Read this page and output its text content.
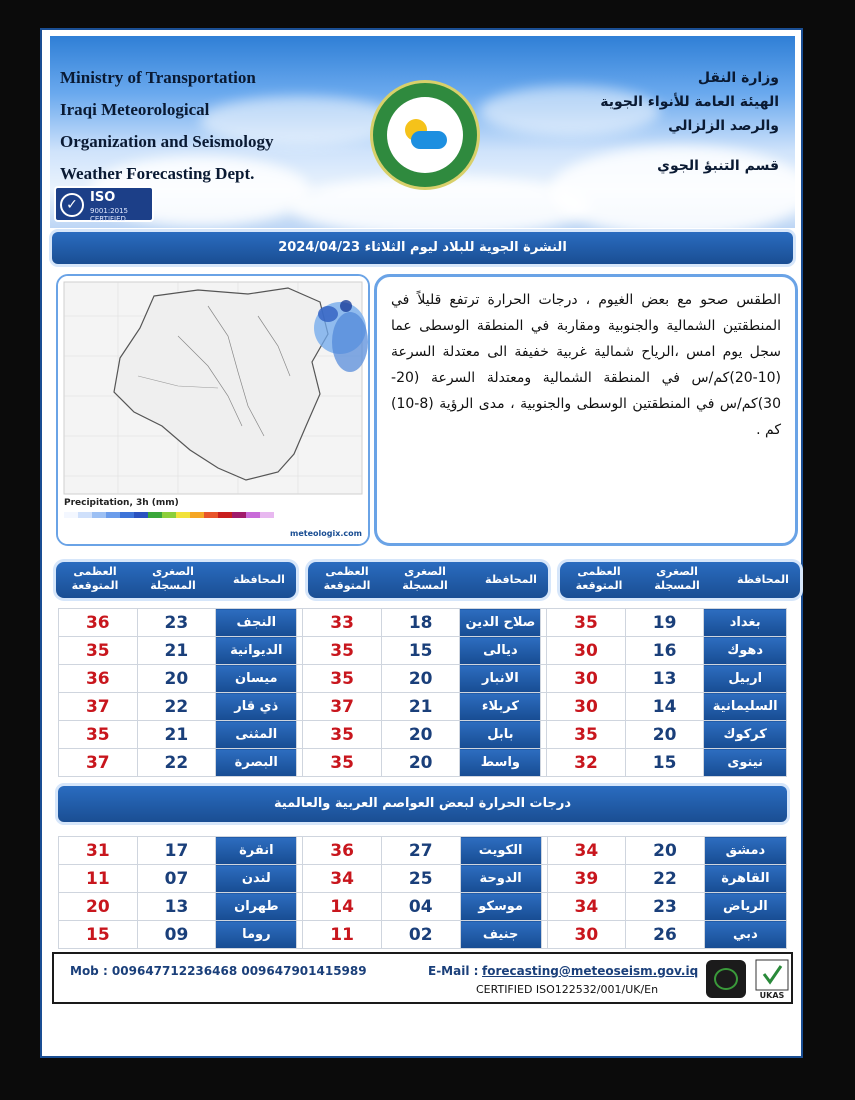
Ministry of Transportation
Iraqi Meteorological
Organization and Seismology
Weather Forecasting Dept.
وزارة النقل
الهيئة العامة للأنواء الجوية
والرصد الزلزالي
قسم التنبؤ الجوي
✓ ISO
9001:2015 CERTIFIED
النشرة الجوية للبلاد ليوم الثلاثاء 2024/04/23
Precipitation, 3h (mm)
meteologix.com

الطقس صحو مع بعض الغيوم ، درجات الحرارة ترتفع قليلاً في المنطقتين الشمالية والجنوبية ومقاربة في المنطقة الوسطى عما سجل يوم امس ،الرياح شمالية غربية خفيفة الى معتدلة السرعة (10-20)كم/س في المنطقة الشمالية ومعتدلة السرعة (20-30)كم/س في المنطقتين الوسطى والجنوبية ، مدى الرؤية (8-10) كم .

المحافظة
الصغرى
المسجلة
العظمى
المتوقعة
المحافظة
الصغرى
المسجلة
العظمى
المتوقعة
المحافظة
الصغرى
المسجلة
العظمى
المتوقعة
36	23	النجف		33	18	صلاح الدين		35	19	بغداد
35	21	الديوانية		35	15	ديالى		30	16	دهوك
36	20	ميسان		35	20	الانبار		30	13	اربيل
37	22	ذي قار		37	21	كربلاء		30	14	السليمانية
35	21	المثنى		35	20	بابل		35	20	كركوك
37	22	البصرة		35	20	واسط		32	15	نينوى
درجات الحرارة لبعض العواصم العربية والعالمية
31	17	انقرة		36	27	الكويت		34	20	دمشق
11	07	لندن		34	25	الدوحة		39	22	القاهرة
20	13	طهران		14	04	موسكو		34	23	الرياض
15	09	روما		11	02	جنيف		30	26	دبي
Mob : 009647712236468 009647901415989	E-Mail : forecasting@meteoseism.gov.iq
CERTIFIED ISO122532/001/UK/En	UKAS
